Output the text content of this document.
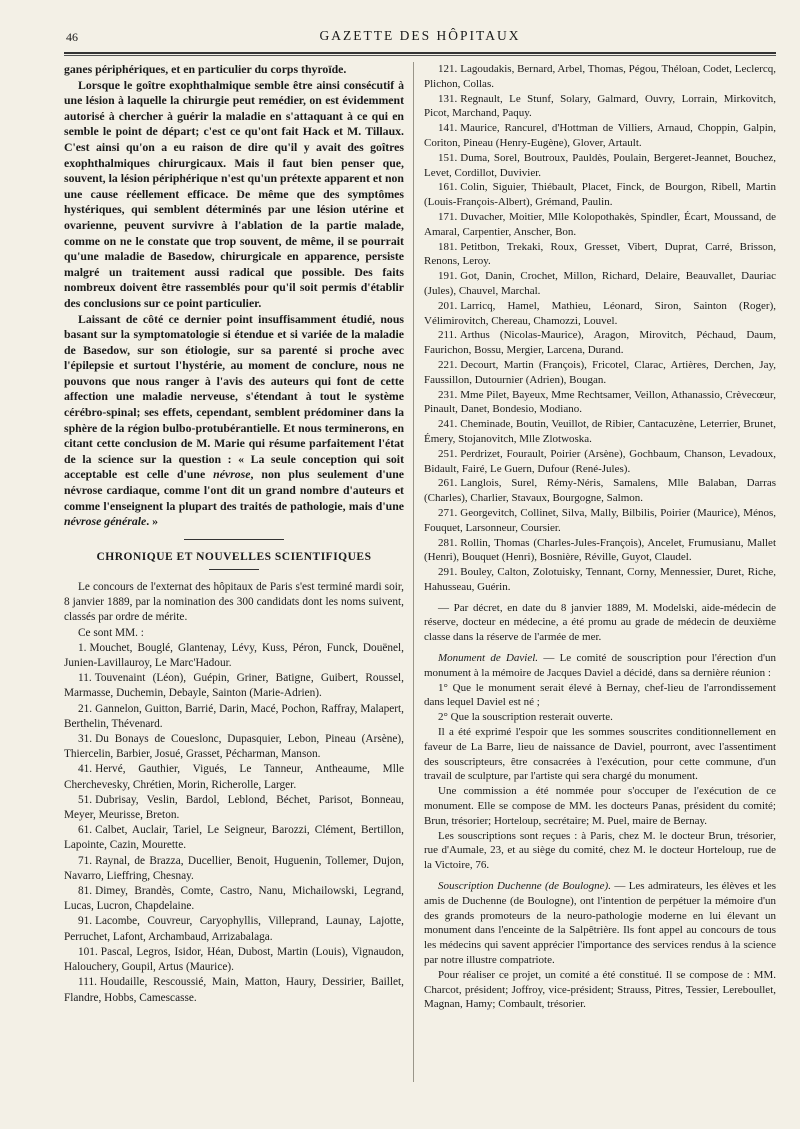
46	GAZETTE DES HÔPITAUX

ganes périphériques, et en particulier du corps thyroïde.

Lorsque le goître exophthalmique semble être ainsi consécutif à une lésion à laquelle la chirurgie peut remédier, on est évidemment autorisé à chercher à guérir la maladie en s'attaquant à ce qui en semble le point de départ; c'est ce qu'ont fait Hack et M. Tillaux. C'est ainsi qu'on a eu raison de dire qu'il y avait des goîtres exophthalmiques chirurgicaux. Mais il faut bien penser que, souvent, la lésion périphérique n'est qu'un prétexte apparent et non une cause réellement efficace. De même que des symptômes hystériques, qui semblent déterminés par une lésion utérine et ovarienne, peuvent survivre à l'ablation de la partie malade, comme on ne le constate que trop souvent, de même, il se pourrait qu'une maladie de Basedow, chirurgicale en apparence, persiste malgré un traitement aussi radical que possible. Des faits nombreux doivent être rassemblés pour qu'il soit permis d'établir des conclusions sur ce point particulier.

Laissant de côté ce dernier point insuffisamment étudié, nous basant sur la symptomatologie si étendue et si variée de la maladie de Basedow, sur son étiologie, sur sa parenté si proche avec l'épilepsie et surtout l'hystérie, au moment de conclure, nous ne pouvons que nous ranger à l'avis des auteurs qui font de cette affection une maladie nerveuse, s'étendant à tout le système cérébro-spinal; ses effets, cependant, semblent prédominer dans la sphère de la région bulbo-protubérantielle. Et nous terminerons, en citant cette conclusion de M. Marie qui résume parfaitement l'état de la science sur la question : « La seule conception qui soit acceptable est celle d'une névrose, non plus seulement d'une névrose cardiaque, comme l'ont dit un grand nombre d'auteurs et comme l'enseignent la plupart des traités de pathologie, mais d'une névrose générale. »

CHRONIQUE ET NOUVELLES SCIENTIFIQUES

Le concours de l'externat des hôpitaux de Paris s'est terminé mardi soir, 8 janvier 1889, par la nomination des 300 candidats dont les noms suivent, classés par ordre de mérite.

Ce sont MM. :

1. Mouchet, Bouglé, Glantenay, Lévy, Kuss, Péron, Funck, Douënel, Junien-Lavillauroy, Le Marc'Hadour.

11. Touvenaint (Léon), Guépin, Griner, Batigne, Guibert, Roussel, Marmasse, Duchemin, Debayle, Sainton (Marie-Adrien).

21. Gannelon, Guitton, Barrié, Darin, Macé, Pochon, Raffray, Malapert, Berthelin, Thévenard.

31. Du Bonays de Coueslonc, Dupasquier, Lebon, Pineau (Arsène), Thiercelin, Barbier, Josué, Grasset, Pécharman, Manson.

41. Hervé, Gauthier, Vigués, Le Tanneur, Antheaume, Mlle Cherchevesky, Chrétien, Morin, Richerolle, Larger.

51. Dubrisay, Veslin, Bardol, Leblond, Béchet, Parisot, Bonneau, Meyer, Meurisse, Breton.

61. Calbet, Auclair, Tariel, Le Seigneur, Barozzi, Clément, Bertillon, Lapointe, Cazin, Mourette.

71. Raynal, de Brazza, Ducellier, Benoit, Huguenin, Tollemer, Dujon, Navarro, Lieffring, Chesnay.

81. Dimey, Brandès, Comte, Castro, Nanu, Michailowski, Legrand, Lucas, Lucron, Chapdelaine.

91. Lacombe, Couvreur, Caryophyllis, Villeprand, Launay, Lajotte, Perruchet, Lafont, Archambaud, Arrizabalaga.

101. Pascal, Legros, Isidor, Héan, Dubost, Martin (Louis), Vignaudon, Halouchery, Goupil, Artus (Maurice).

111. Houdaille, Rescoussié, Main, Matton, Haury, Dessirier, Baillet, Flandre, Hobbs, Camescasse.

121. Lagoudakis, Bernard, Arbel, Thomas, Pégou, Théloan, Codet, Leclercq, Plichon, Collas.

131. Regnault, Le Stunf, Solary, Galmard, Ouvry, Lorrain, Mirkovitch, Picot, Marchand, Paquy.

141. Maurice, Rancurel, d'Hottman de Villiers, Arnaud, Choppin, Galpin, Coriton, Pineau (Henry-Eugène), Glover, Artault.

151. Duma, Sorel, Boutroux, Pauldès, Poulain, Bergeret-Jeannet, Bouchez, Levet, Cordillot, Duvivier.

161. Colin, Siguier, Thiébault, Placet, Finck, de Bourgon, Ribell, Martin (Louis-François-Albert), Grémand, Paulin.

171. Duvacher, Moitier, Mlle Kolopothakès, Spindler, Écart, Moussand, de Amaral, Carpentier, Anscher, Bon.

181. Petitbon, Trekaki, Roux, Gresset, Vibert, Duprat, Carré, Brisson, Renons, Leroy.

191. Got, Danin, Crochet, Millon, Richard, Delaire, Beauvallet, Dauriac (Jules), Chauvel, Marchal.

201. Larricq, Hamel, Mathieu, Léonard, Siron, Sainton (Roger), Vélimirovitch, Chereau, Chamozzi, Louvel.

211. Arthus (Nicolas-Maurice), Aragon, Mirovitch, Péchaud, Daum, Faurichon, Bossu, Mergier, Larcena, Durand.

221. Decourt, Martin (François), Fricotel, Clarac, Artières, Derchen, Jay, Faussillon, Dutournier (Adrien), Bougan.

231. Mme Pilet, Bayeux, Mme Rechtsamer, Veillon, Athanassio, Crèvecœur, Pinault, Danet, Bondesio, Modiano.

241. Cheminade, Boutin, Veuillot, de Ribier, Cantacuzène, Leterrier, Brunet, Émery, Stojanovitch, Mlle Zlotwoska.

251. Perdrizet, Fourault, Poirier (Arsène), Gochbaum, Chanson, Levadoux, Bidault, Fairé, Le Guern, Dufour (René-Jules).

261. Langlois, Surel, Rémy-Néris, Samalens, Mlle Balaban, Darras (Charles), Charlier, Stavaux, Bourgogne, Salmon.

271. Georgevitch, Collinet, Silva, Mally, Bilbilis, Poirier (Maurice), Ménos, Fouquet, Larsonneur, Coursier.

281. Rollin, Thomas (Charles-Jules-François), Ancelet, Frumusianu, Mallet (Henri), Bouquet (Henri), Bosnière, Réville, Guyot, Claudel.

291. Bouley, Calton, Zolotuisky, Tennant, Corny, Mennessier, Duret, Riche, Hahusseau, Guérin.

— Par décret, en date du 8 janvier 1889, M. Modelski, aide-médecin de réserve, docteur en médecine, a été promu au grade de médecin de deuxième classe dans la réserve de l'armée de mer.

Monument de Daviel. — Le comité de souscription pour l'érection d'un monument à la mémoire de Jacques Daviel a décidé, dans sa dernière réunion :

1° Que le monument serait élevé à Bernay, chef-lieu de l'arrondissement dans lequel Daviel est né ;

2° Que la souscription resterait ouverte.

Il a été exprimé l'espoir que les sommes souscrites conditionnellement en faveur de La Barre, lieu de naissance de Daviel, pourront, avec l'assentiment des souscripteurs, être consacrées à l'exécution, pour cette commune, d'un travail de sculpture, par l'artiste qui sera chargé du monument.

Une commission a été nommée pour s'occuper de l'exécution de ce monument. Elle se compose de MM. les docteurs Panas, président du comité; Brun, trésorier; Horteloup, secrétaire; M. Puel, maire de Bernay.

Les souscriptions sont reçues : à Paris, chez M. le docteur Brun, trésorier, rue d'Aumale, 23, et au siège du comité, chez M. le docteur Horteloup, rue de la Victoire, 76.

Souscription Duchenne (de Boulogne). — Les admirateurs, les élèves et les amis de Duchenne (de Boulogne), ont l'intention de perpétuer la mémoire d'un des grands promoteurs de la neuro-pathologie moderne en lui élevant un monument dans l'enceinte de la Salpêtrière. Ils font appel au concours de tous les médecins qui savent apprécier l'importance des services rendus à la science par notre illustre compatriote.

Pour réaliser ce projet, un comité a été constitué. Il se compose de : MM. Charcot, président; Joffroy, vice-président; Strauss, Pitres, Tessier, Lereboullet, Magnan, Hamy; Combault, trésorier.
